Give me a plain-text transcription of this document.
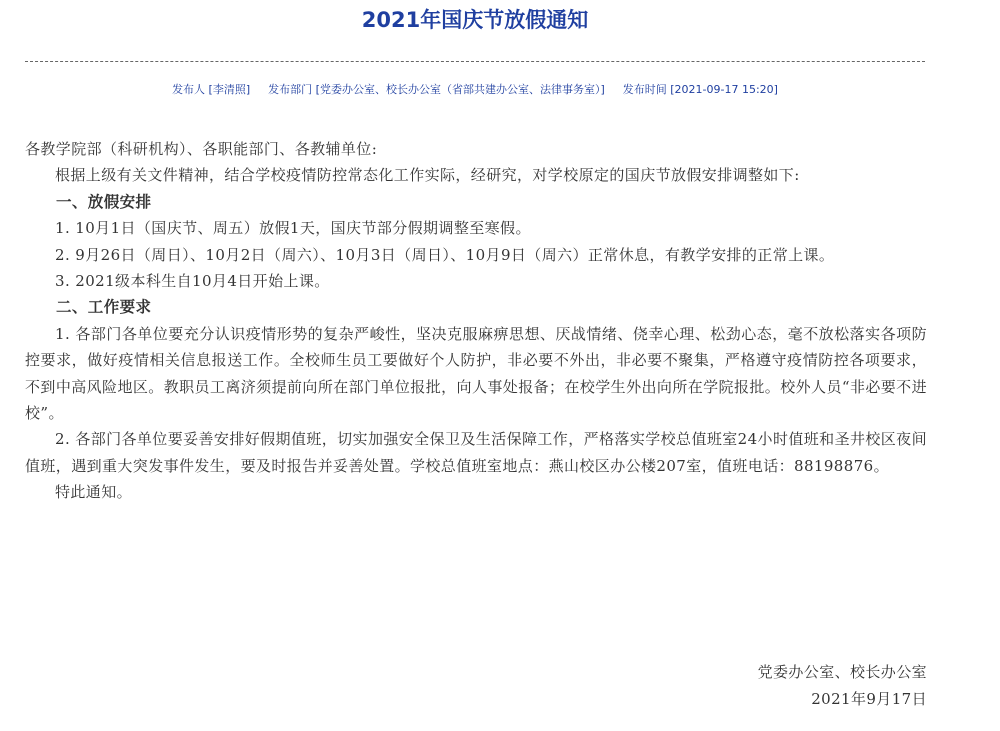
2021年国庆节放假通知
发布人 [李清照] 发布部门 [党委办公室、校长办公室（省部共建办公室、法律事务室）] 发布时间 [2021-09-17 15:20]

各教学院部（科研机构）、各职能部门、各教辅单位:

根据上级有关文件精神，结合学校疫情防控常态化工作实际，经研究，对学校原定的国庆节放假安排调整如下:

一、放假安排

1. 10月1日（国庆节、周五）放假1天，国庆节部分假期调整至寒假。

2. 9月26日（周日）、10月2日（周六）、10月3日（周日）、10月9日（周六）正常休息，有教学安排的正常上课。

3. 2021级本科生自10月4日开始上课。

二、工作要求

1. 各部门各单位要充分认识疫情形势的复杂严峻性，坚决克服麻痹思想、厌战情绪、侥幸心理、松劲心态，毫不放松落实各项防控要求，做好疫情相关信息报送工作。全校师生员工要做好个人防护，非必要不外出，非必要不聚集，严格遵守疫情防控各项要求，不到中高风险地区。教职员工离济须提前向所在部门单位报批，向人事处报备；在校学生外出向所在学院报批。校外人员“非必要不进校”。

2. 各部门各单位要妥善安排好假期值班，切实加强安全保卫及生活保障工作，严格落实学校总值班室24小时值班和圣井校区夜间值班，遇到重大突发事件发生，要及时报告并妥善处置。学校总值班室地点：燕山校区办公楼207室，值班电话：88198876。

特此通知。

党委办公室、校长办公室
2021年9月17日
